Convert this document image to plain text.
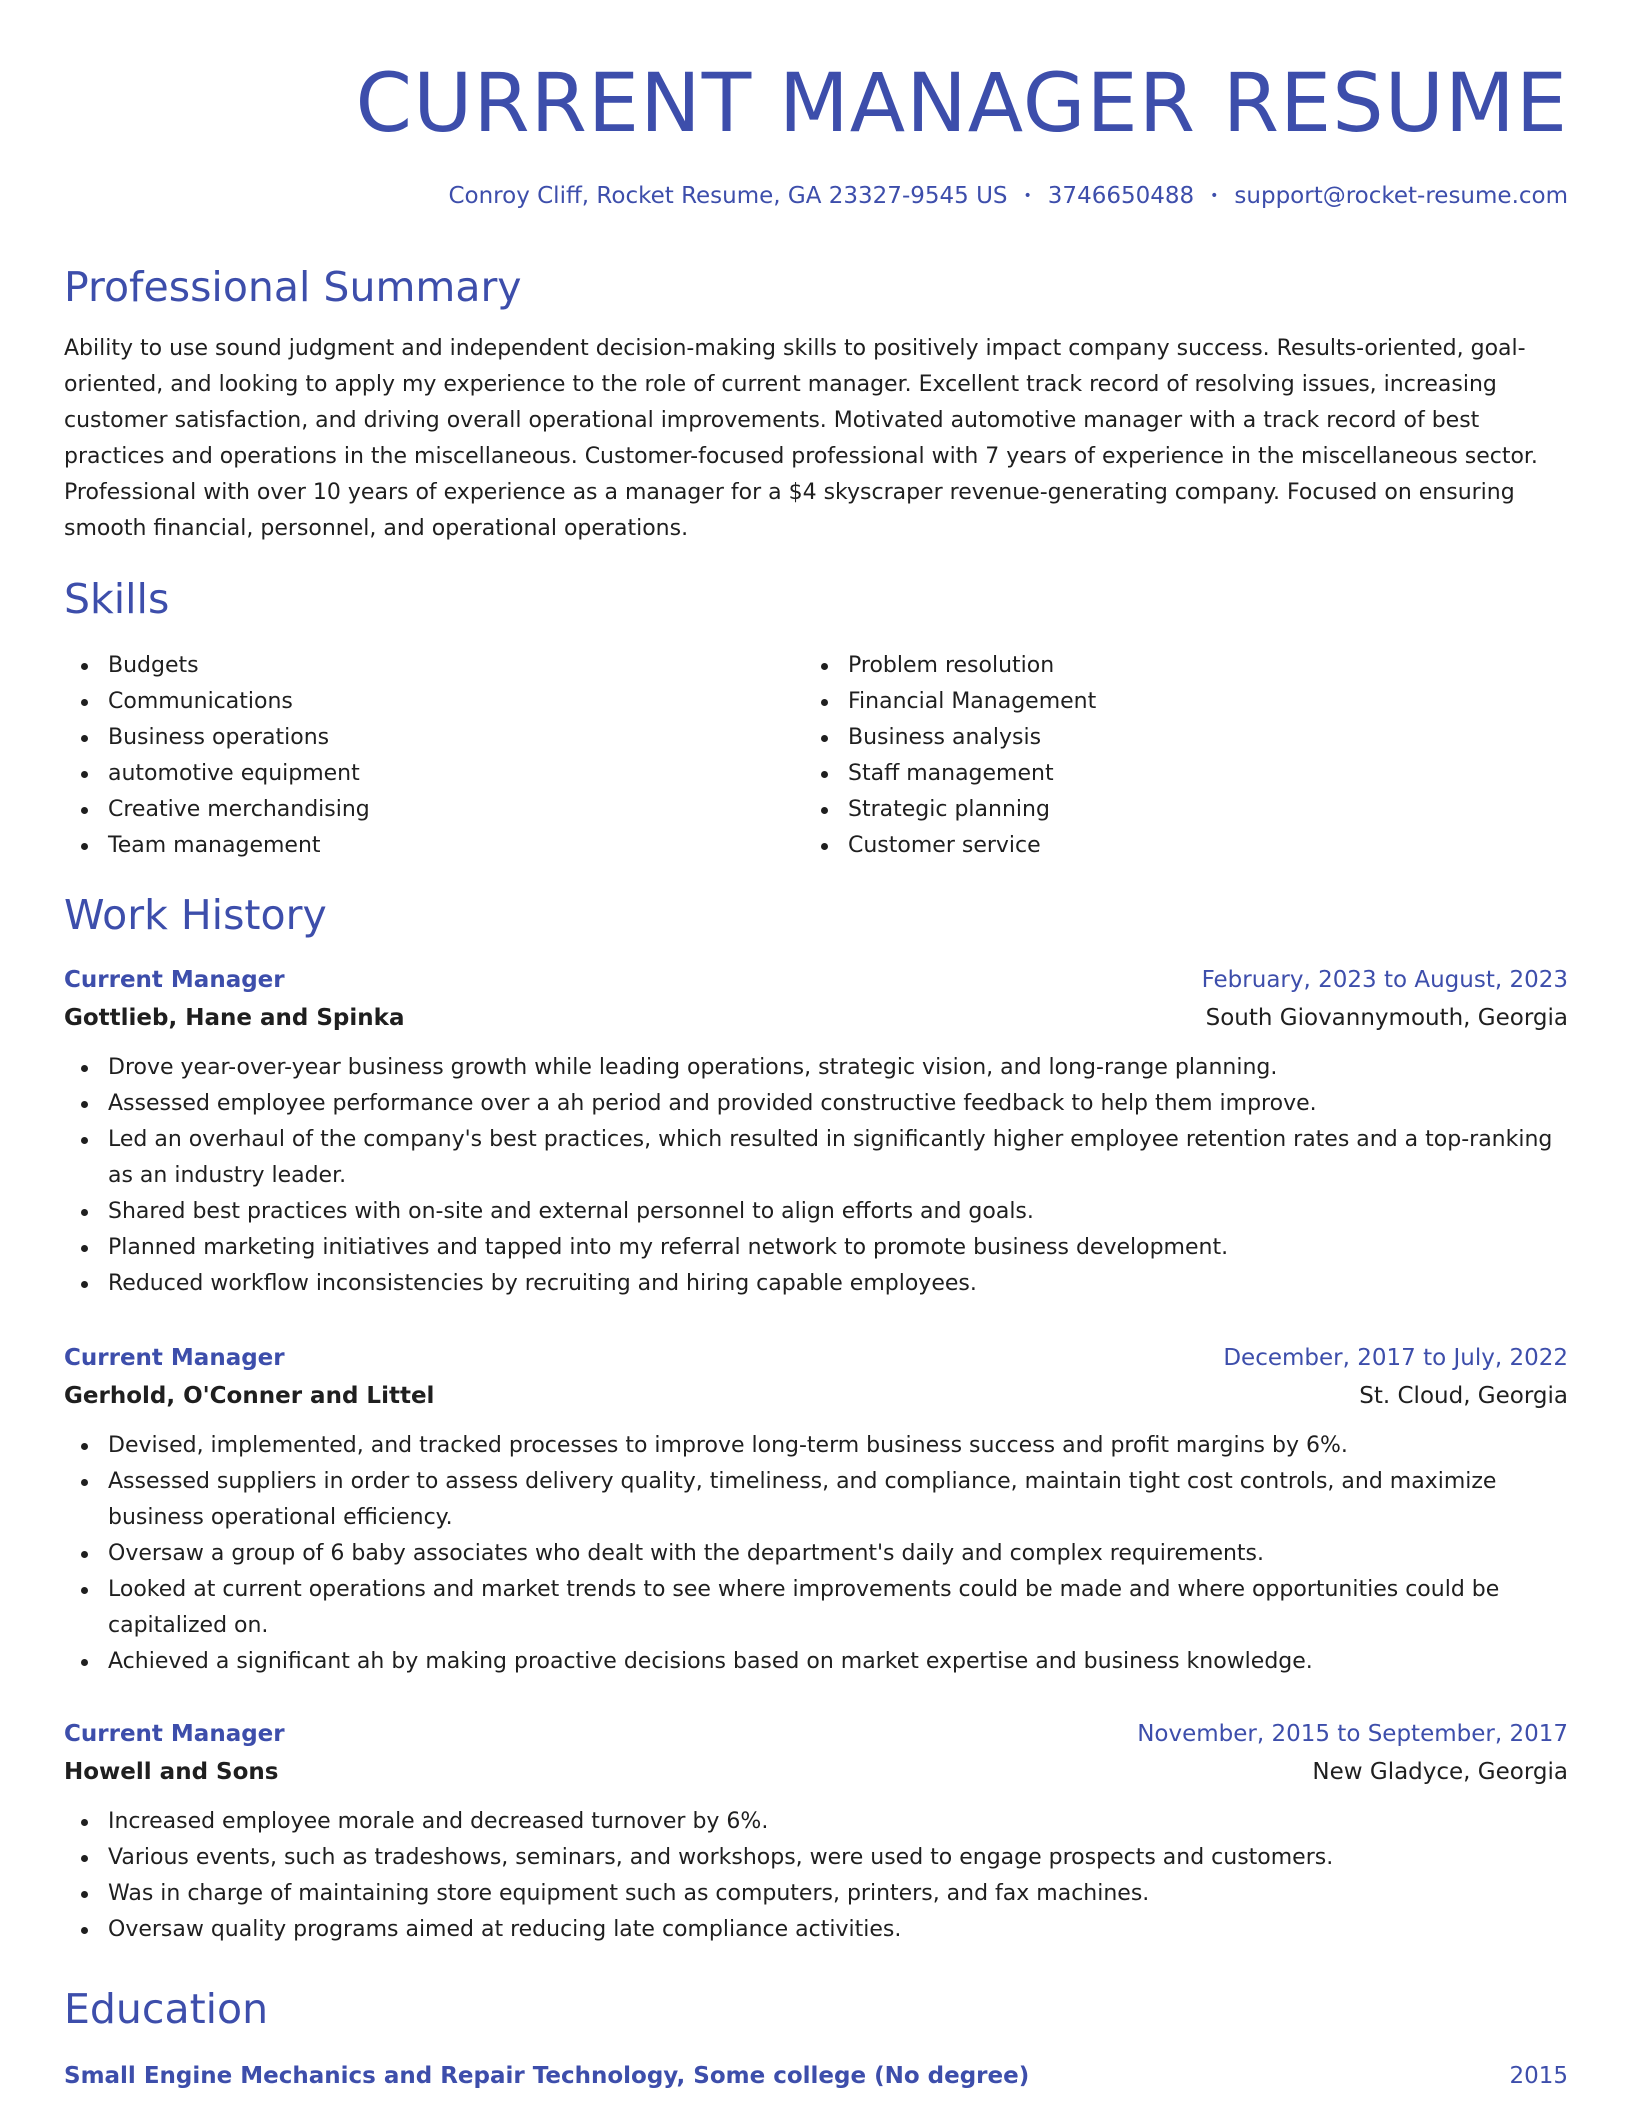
CURRENT MANAGER RESUME

Conroy Cliff, Rocket Resume, GA 23327-9545 US • 3746650488 • support@rocket-resume.com

Professional Summary

Ability to use sound judgment and independent decision-making skills to positively impact company success. Results-oriented, goal-oriented, and looking to apply my experience to the role of current manager. Excellent track record of resolving issues, increasing customer satisfaction, and driving overall operational improvements. Motivated automotive manager with a track record of best practices and operations in the miscellaneous. Customer-focused professional with 7 years of experience in the miscellaneous sector. Professional with over 10 years of experience as a manager for a $4 skyscraper revenue-generating company. Focused on ensuring smooth financial, personnel, and operational operations.

Skills
Budgets
Communications
Business operations
automotive equipment
Creative merchandising
Team management
Problem resolution
Financial Management
Business analysis
Staff management
Strategic planning
Customer service
Work History
Current Manager	February, 2023 to August, 2023
Gottlieb, Hane and Spinka	South Giovannymouth, Georgia
Drove year-over-year business growth while leading operations, strategic vision, and long-range planning.
Assessed employee performance over a ah period and provided constructive feedback to help them improve.
Led an overhaul of the company's best practices, which resulted in significantly higher employee retention rates and a top-ranking as an industry leader.
Shared best practices with on-site and external personnel to align efforts and goals.
Planned marketing initiatives and tapped into my referral network to promote business development.
Reduced workflow inconsistencies by recruiting and hiring capable employees.
Current Manager	December, 2017 to July, 2022
Gerhold, O'Conner and Littel	St. Cloud, Georgia
Devised, implemented, and tracked processes to improve long-term business success and profit margins by 6%.
Assessed suppliers in order to assess delivery quality, timeliness, and compliance, maintain tight cost controls, and maximize business operational efficiency.
Oversaw a group of 6 baby associates who dealt with the department's daily and complex requirements.
Looked at current operations and market trends to see where improvements could be made and where opportunities could be capitalized on.
Achieved a significant ah by making proactive decisions based on market expertise and business knowledge.
Current Manager	November, 2015 to September, 2017
Howell and Sons	New Gladyce, Georgia
Increased employee morale and decreased turnover by 6%.
Various events, such as tradeshows, seminars, and workshops, were used to engage prospects and customers.
Was in charge of maintaining store equipment such as computers, printers, and fax machines.
Oversaw quality programs aimed at reducing late compliance activities.
Education
Small Engine Mechanics and Repair Technology, Some college (No degree)	2015
